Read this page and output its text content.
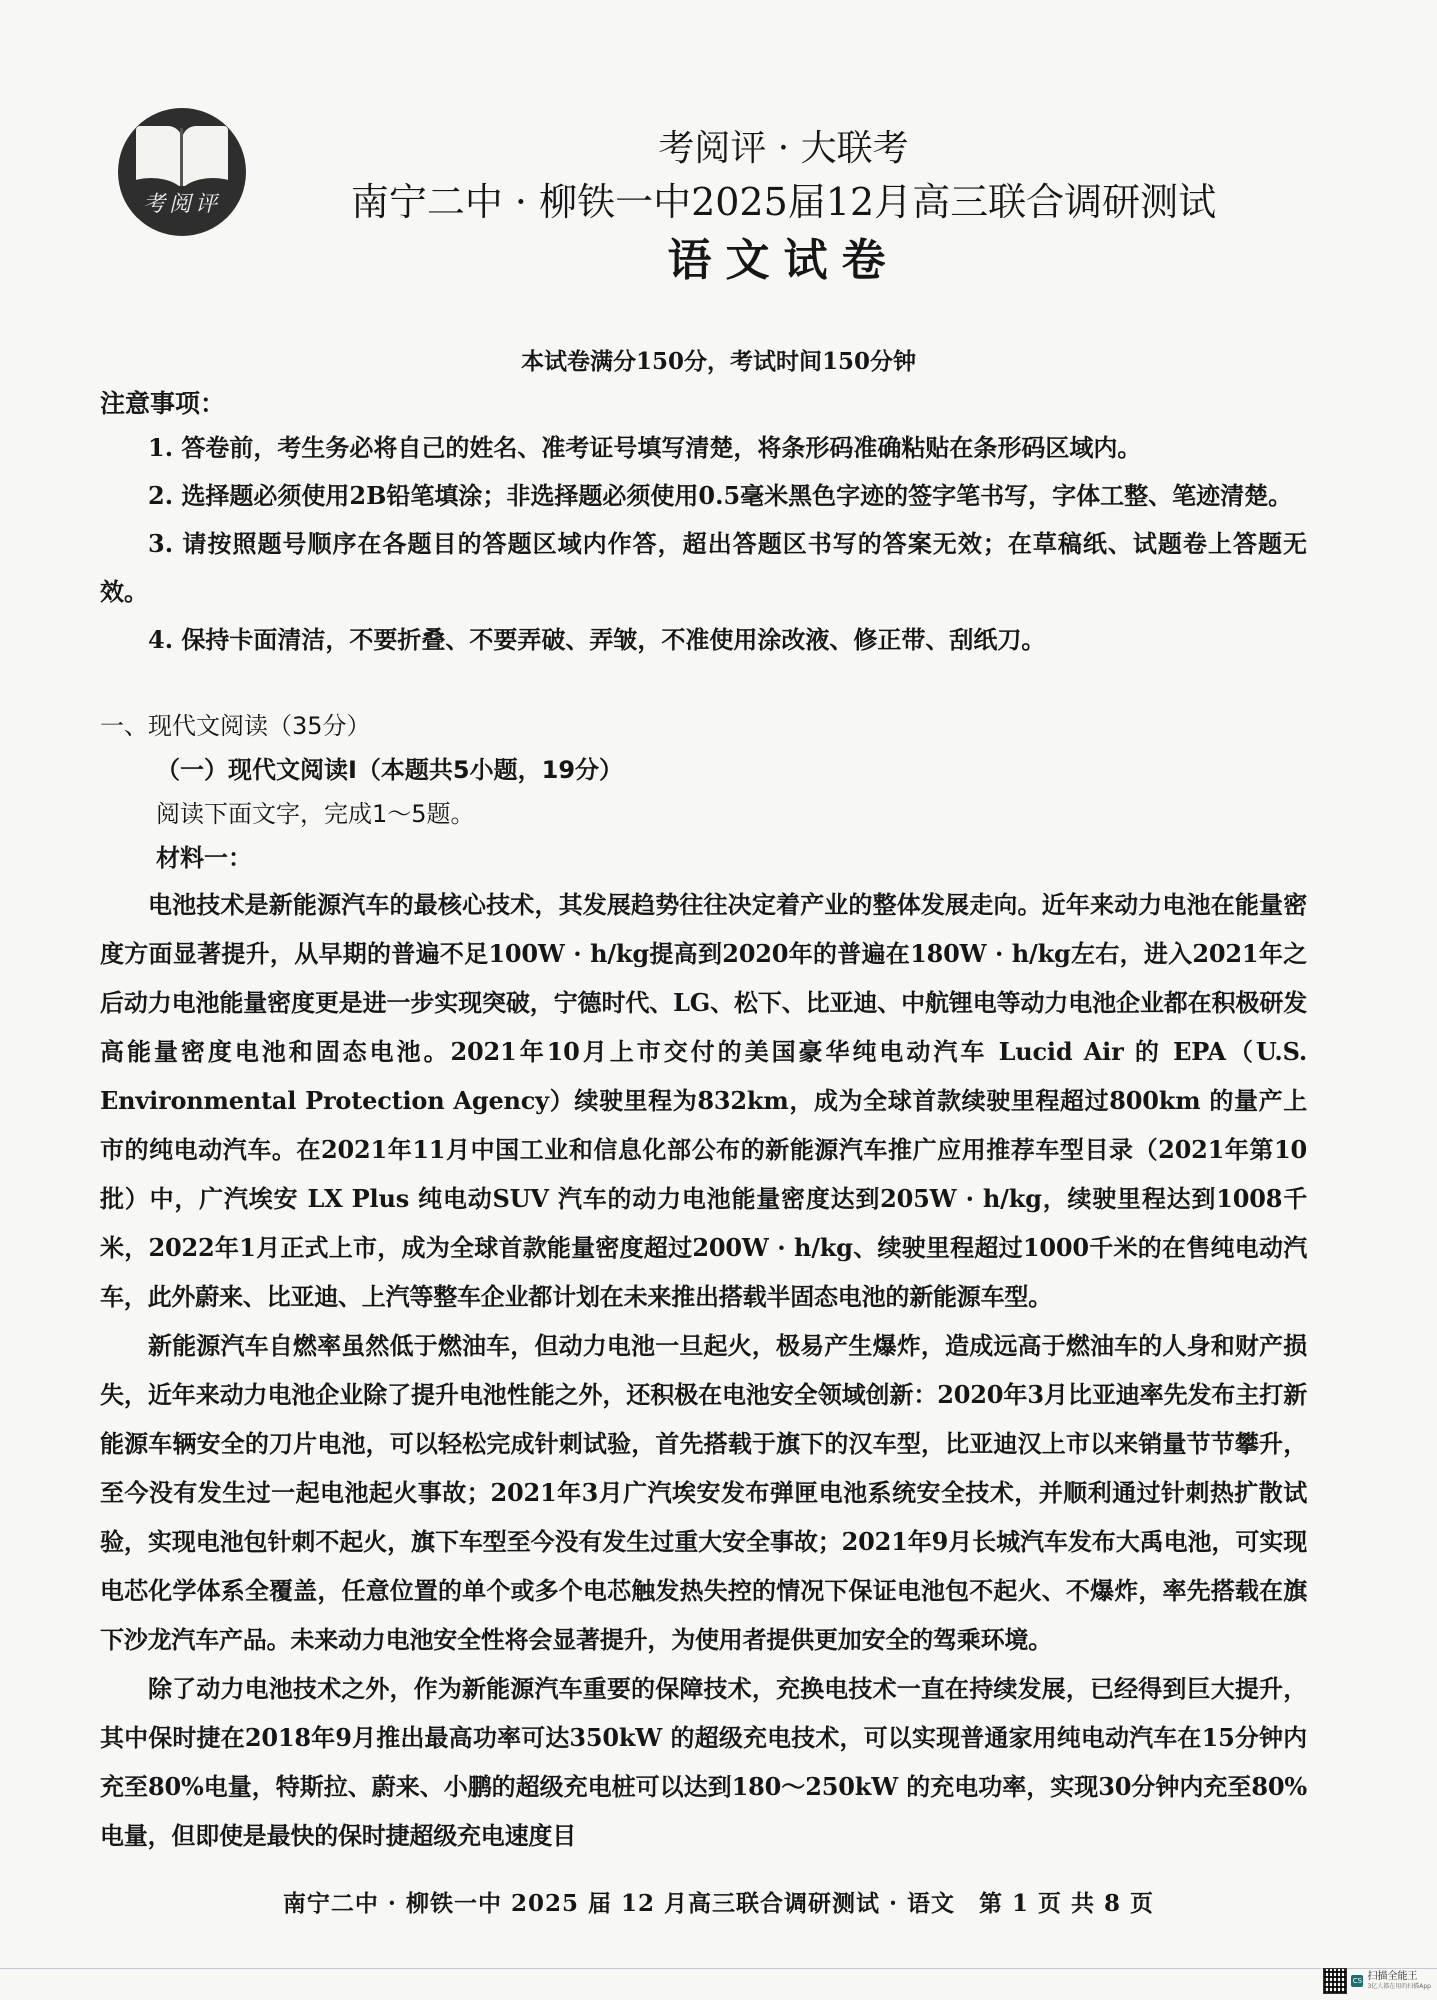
考阅评
考阅评 · 大联考
南宁二中 · 柳铁一中2025届12月高三联合调研测试
语文试卷
本试卷满分150分，考试时间150分钟
注意事项：

1. 答卷前，考生务必将自己的姓名、准考证号填写清楚，将条形码准确粘贴在条形码区域内。

2. 选择题必须使用2B铅笔填涂；非选择题必须使用0.5毫米黑色字迹的签字笔书写，字体工整、笔迹清楚。

3. 请按照题号顺序在各题目的答题区域内作答，超出答题区书写的答案无效；在草稿纸、试题卷上答题无效。

4. 保持卡面清洁，不要折叠、不要弄破、弄皱，不准使用涂改液、修正带、刮纸刀。

一、现代文阅读（35分）
（一）现代文阅读Ⅰ（本题共5小题，19分）
阅读下面文字，完成1～5题。
材料一：

电池技术是新能源汽车的最核心技术，其发展趋势往往决定着产业的整体发展走向。近年来动力电池在能量密度方面显著提升，从早期的普遍不足100W · h/kg提高到2020年的普遍在180W · h/kg左右，进入2021年之后动力电池能量密度更是进一步实现突破，宁德时代、LG、松下、比亚迪、中航锂电等动力电池企业都在积极研发高能量密度电池和固态电池。2021年10月上市交付的美国豪华纯电动汽车 Lucid Air 的 EPA（U.S. Environmental Protection Agency）续驶里程为832km，成为全球首款续驶里程超过800km 的量产上市的纯电动汽车。在2021年11月中国工业和信息化部公布的新能源汽车推广应用推荐车型目录（2021年第10批）中，广汽埃安 LX Plus 纯电动SUV 汽车的动力电池能量密度达到205W · h/kg，续驶里程达到1008千米，2022年1月正式上市，成为全球首款能量密度超过200W · h/kg、续驶里程超过1000千米的在售纯电动汽车，此外蔚来、比亚迪、上汽等整车企业都计划在未来推出搭载半固态电池的新能源车型。

新能源汽车自燃率虽然低于燃油车，但动力电池一旦起火，极易产生爆炸，造成远高于燃油车的人身和财产损失，近年来动力电池企业除了提升电池性能之外，还积极在电池安全领域创新：2020年3月比亚迪率先发布主打新能源车辆安全的刀片电池，可以轻松完成针刺试验，首先搭载于旗下的汉车型，比亚迪汉上市以来销量节节攀升，至今没有发生过一起电池起火事故；2021年3月广汽埃安发布弹匣电池系统安全技术，并顺利通过针刺热扩散试验，实现电池包针刺不起火，旗下车型至今没有发生过重大安全事故；2021年9月长城汽车发布大禹电池，可实现电芯化学体系全覆盖，任意位置的单个或多个电芯触发热失控的情况下保证电池包不起火、不爆炸，率先搭载在旗下沙龙汽车产品。未来动力电池安全性将会显著提升，为使用者提供更加安全的驾乘环境。

除了动力电池技术之外，作为新能源汽车重要的保障技术，充换电技术一直在持续发展，已经得到巨大提升，其中保时捷在2018年9月推出最高功率可达350kW 的超级充电技术，可以实现普通家用纯电动汽车在15分钟内充至80%电量，特斯拉、蔚来、小鹏的超级充电桩可以达到180～250kW 的充电功率，实现30分钟内充至80%电量，但即使是最快的保时捷超级充电速度目

南宁二中 · 柳铁一中 2025 届 12 月高三联合调研测试 · 语文　第 1 页 共 8 页
CS 扫描全能王
3亿人都在用的扫描App
